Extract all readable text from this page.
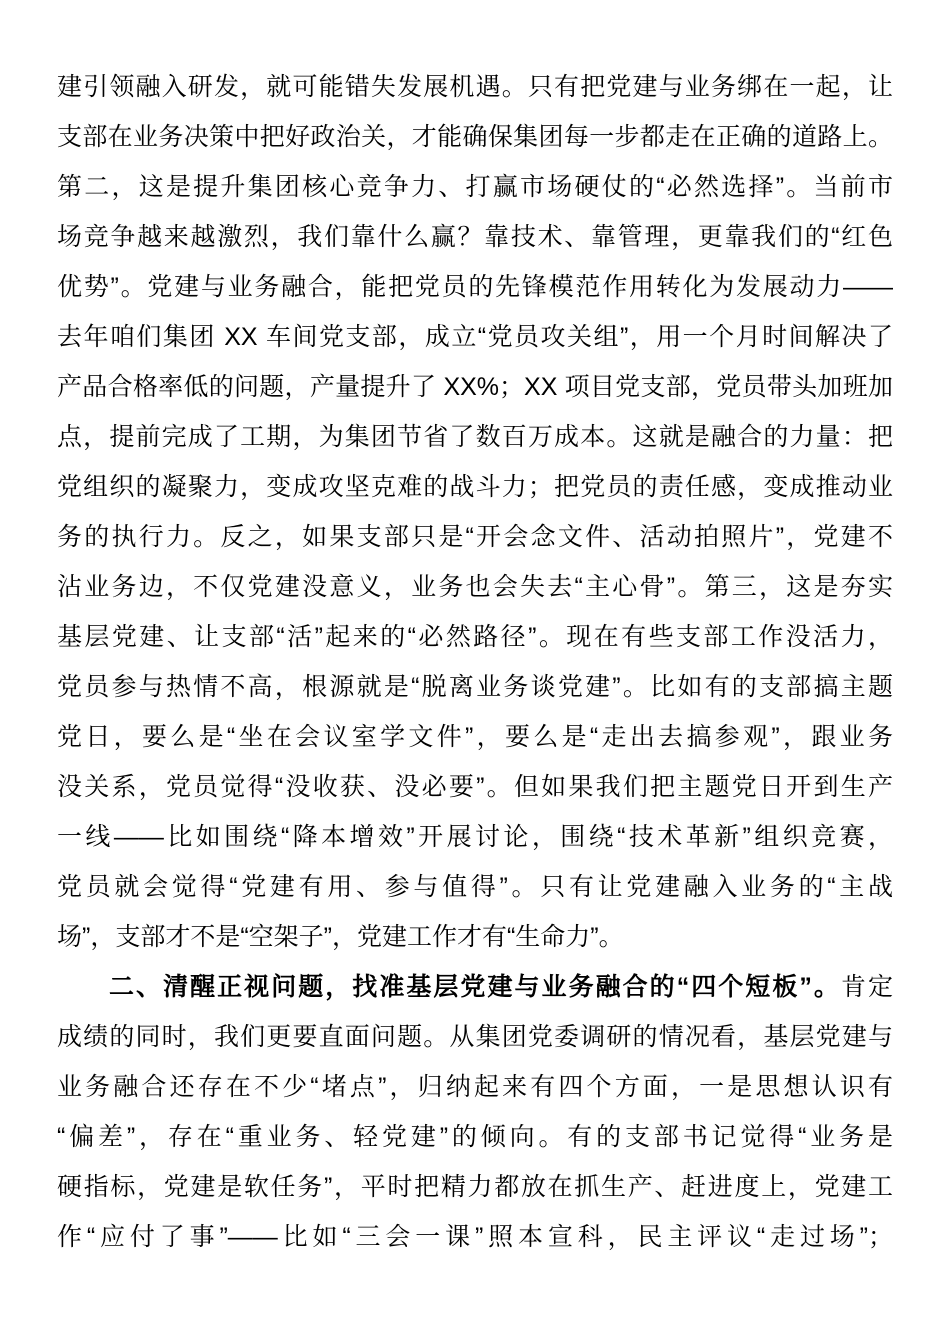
建引领融入研发，就可能错失发展机遇。只有把党建与业务绑在一起，让
支部在业务决策中把好政治关，才能确保集团每一步都走在正确的道路上。
第二，这是提升集团核心竞争力、打赢市场硬仗的“必然选择”。当前市
场竞争越来越激烈，我们靠什么赢？靠技术、靠管理，更靠我们的“红色
优势”。党建与业务融合，能把党员的先锋模范作用转化为发展动力——
去年咱们集团 XX 车间党支部，成立“党员攻关组”，用一个月时间解决了
产品合格率低的问题，产量提升了 XX%；XX 项目党支部，党员带头加班加
点，提前完成了工期，为集团节省了数百万成本。这就是融合的力量：把
党组织的凝聚力，变成攻坚克难的战斗力；把党员的责任感，变成推动业
务的执行力。反之，如果支部只是“开会念文件、活动拍照片”，党建不
沾业务边，不仅党建没意义，业务也会失去“主心骨”。第三，这是夯实
基层党建、让支部“活”起来的“必然路径”。现在有些支部工作没活力，
党员参与热情不高，根源就是“脱离业务谈党建”。比如有的支部搞主题
党日，要么是“坐在会议室学文件”，要么是“走出去搞参观”，跟业务
没关系，党员觉得“没收获、没必要”。但如果我们把主题党日开到生产
一线——比如围绕“降本增效”开展讨论，围绕“技术革新”组织竞赛，
党员就会觉得“党建有用、参与值得”。只有让党建融入业务的“主战
场”，支部才不是“空架子”，党建工作才有“生命力”。
二、清醒正视问题，找准基层党建与业务融合的“四个短板”。肯定
成绩的同时，我们更要直面问题。从集团党委调研的情况看，基层党建与
业务融合还存在不少“堵点”，归纳起来有四个方面，一是思想认识有
“偏差”，存在“重业务、轻党建”的倾向。有的支部书记觉得“业务是
硬指标，党建是软任务”，平时把精力都放在抓生产、赶进度上，党建工
作“应付了事”——比如“三会一课”照本宣科，民主评议“走过场”；
